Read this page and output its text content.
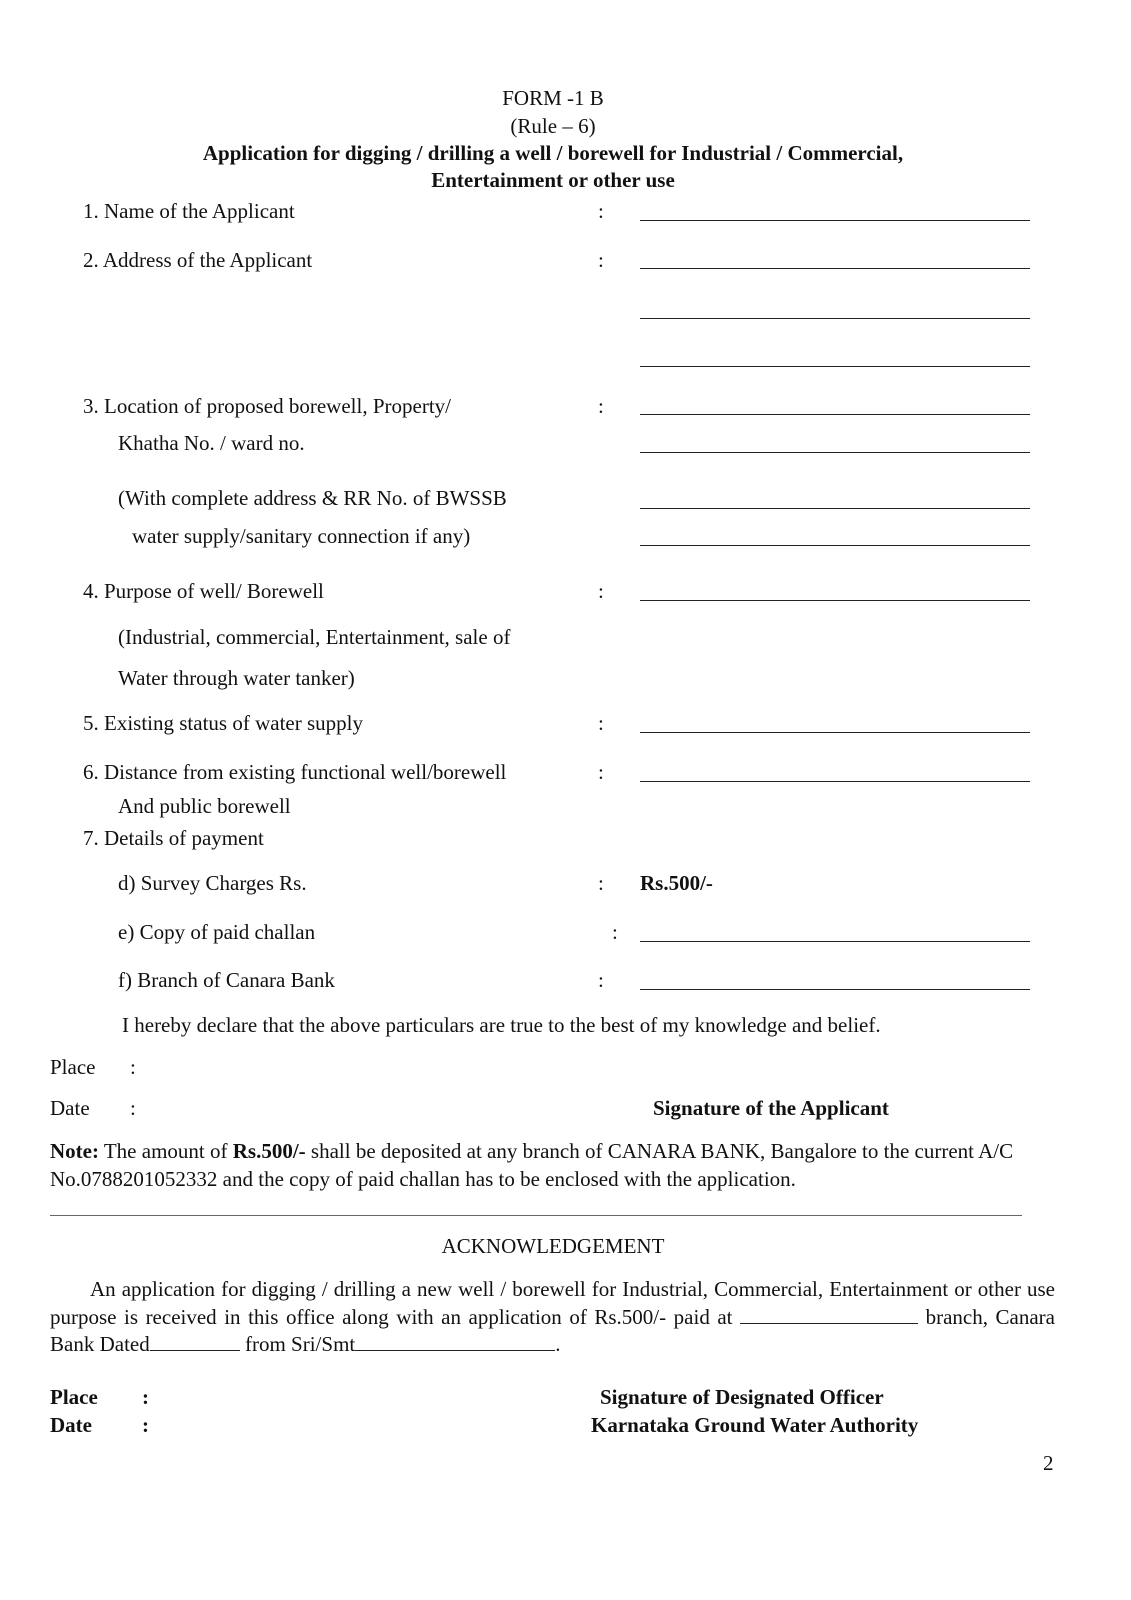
FORM -1 B
(Rule – 6)
Application for digging / drilling a well / borewell for Industrial / Commercial,
Entertainment or other use
1. Name of the Applicant	:
2. Address of the Applicant	:
3. Location of proposed borewell, Property/	:
Khatha No. / ward no.
(With complete address & RR No. of BWSSB
water supply/sanitary connection if any)
4. Purpose of well/ Borewell	:
(Industrial, commercial, Entertainment, sale of
Water through water tanker)
5. Existing status of water supply	:
6. Distance from existing functional well/borewell	:
And public borewell
7. Details of payment
d) Survey Charges Rs.	: Rs.500/-
e) Copy of paid challan	:
f) Branch of Canara Bank	:
I hereby declare that the above particulars are true to the best of my knowledge and belief.
Place :
Date :	Signature of the Applicant
Note: The amount of Rs.500/- shall be deposited at any branch of CANARA BANK, Bangalore to the current A/C No.0788201052332 and the copy of paid challan has to be enclosed with the application.
ACKNOWLEDGEMENT
An application for digging / drilling a new well / borewell for Industrial, Commercial, Entertainment or other use purpose is received in this office along with an application of Rs.500/- paid at	branch, Canara Bank Dated	from Sri/Smt	.
Place :
Date :
Signature of Designated Officer
Karnataka Ground Water Authority
2
